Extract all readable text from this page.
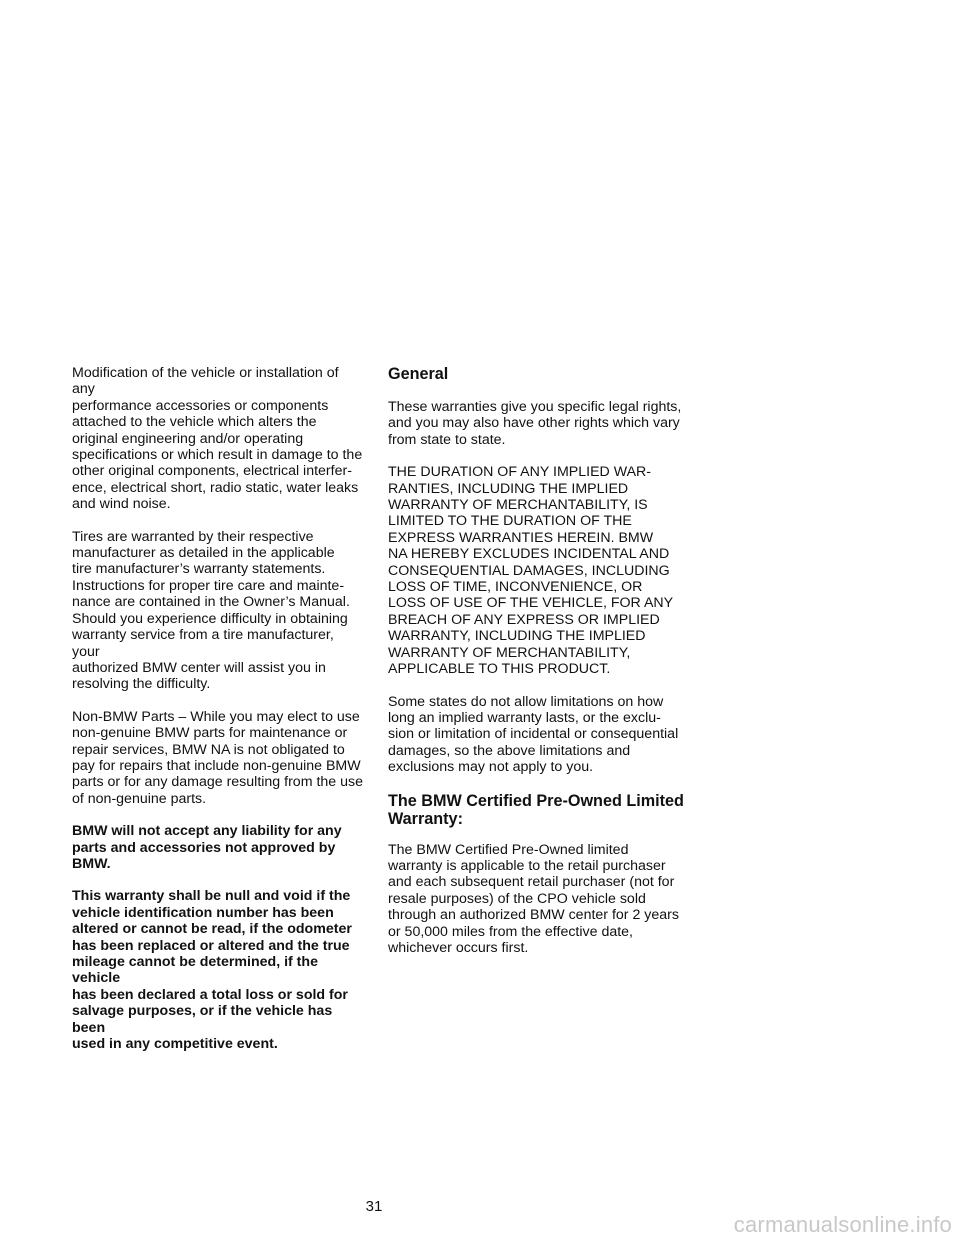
Modification of the vehicle or installation of any
performance accessories or components
attached to the vehicle which alters the
original engineering and/or operating
specifications or which result in damage to the
other original components, electrical interfer-
ence, electrical short, radio static, water leaks
and wind noise.

Tires are warranted by their respective
manufacturer as detailed in the applicable
tire manufacturer’s warranty statements.
Instructions for proper tire care and mainte-
nance are contained in the Owner’s Manual.
Should you experience difficulty in obtaining
warranty service from a tire manufacturer, your
authorized BMW center will assist you in
resolving the difficulty.

Non-BMW Parts – While you may elect to use
non-genuine BMW parts for maintenance or
repair services, BMW NA is not obligated to
pay for repairs that include non-genuine BMW
parts or for any damage resulting from the use
of non-genuine parts.

BMW will not accept any liability for any
parts and accessories not approved by
BMW.

This warranty shall be null and void if the
vehicle identification number has been
altered or cannot be read, if the odometer
has been replaced or altered and the true
mileage cannot be determined, if the vehicle
has been declared a total loss or sold for
salvage purposes, or if the vehicle has been
used in any competitive event.

General

These warranties give you specific legal rights,
and you may also have other rights which vary
from state to state.

THE DURATION OF ANY IMPLIED WAR-
RANTIES, INCLUDING THE IMPLIED
WARRANTY OF MERCHANTABILITY, IS
LIMITED TO THE DURATION OF THE
EXPRESS WARRANTIES HEREIN. BMW
NA HEREBY EXCLUDES INCIDENTAL AND
CONSEQUENTIAL DAMAGES, INCLUDING
LOSS OF TIME, INCONVENIENCE, OR
LOSS OF USE OF THE VEHICLE, FOR ANY
BREACH OF ANY EXPRESS OR IMPLIED
WARRANTY, INCLUDING THE IMPLIED
WARRANTY OF MERCHANTABILITY,
APPLICABLE TO THIS PRODUCT.

Some states do not allow limitations on how
long an implied warranty lasts, or the exclu-
sion or limitation of incidental or consequential
damages, so the above limitations and
exclusions may not apply to you.

The BMW Certified Pre-Owned Limited
Warranty:

The BMW Certified Pre-Owned limited
warranty is applicable to the retail purchaser
and each subsequent retail purchaser (not for
resale purposes) of the CPO vehicle sold
through an authorized BMW center for 2 years
or 50,000 miles from the effective date,
whichever occurs first.

31
carmanualsonline.info
